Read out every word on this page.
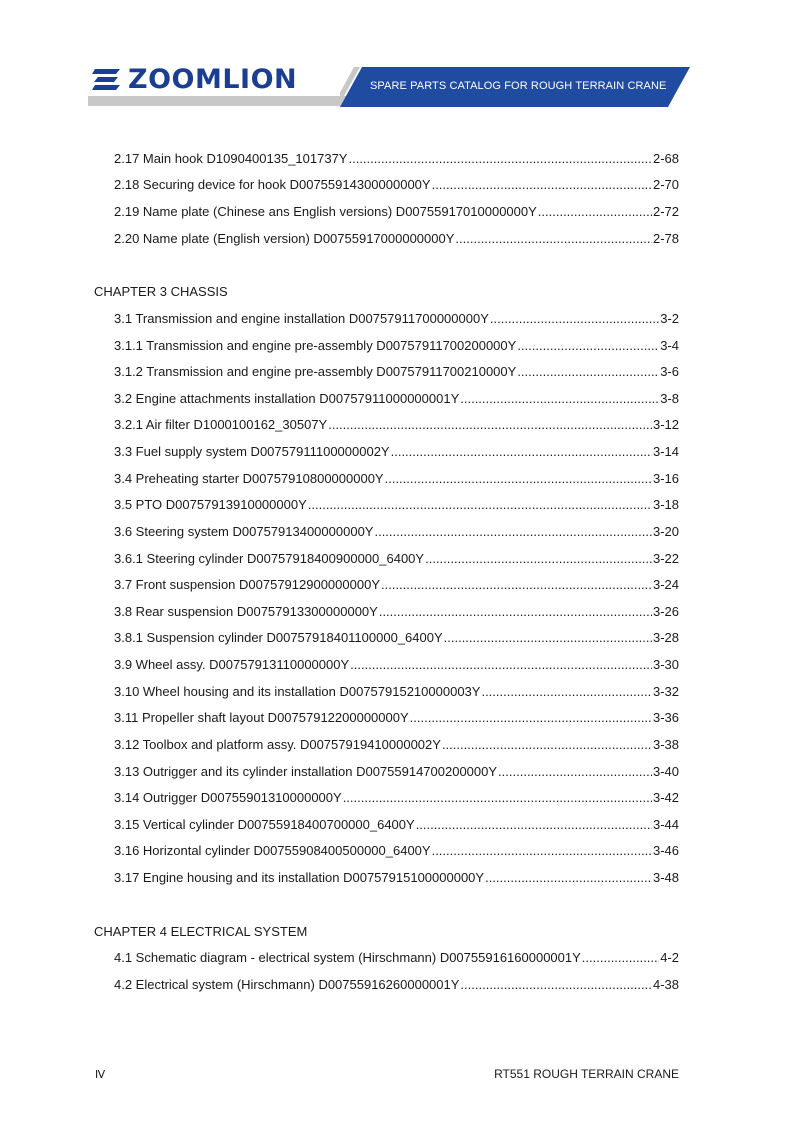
ZOOMLION	SPARE PARTS CATALOG FOR ROUGH TERRAIN CRANE
2.17 Main hook D1090400135_101737Y .....	2-68
2.18 Securing device for hook D00755914300000000Y .....	2-70
2.19 Name plate (Chinese ans English versions) D00755917010000000Y .....	2-72
2.20 Name plate (English version) D00755917000000000Y .....	2-78
CHAPTER 3 CHASSIS
3.1 Transmission and engine installation D00757911700000000Y .....	3-2
3.1.1 Transmission and engine pre-assembly D00757911700200000Y .....	3-4
3.1.2 Transmission and engine pre-assembly D00757911700210000Y .....	3-6
3.2 Engine attachments installation D00757911000000001Y .....	3-8
3.2.1 Air filter D1000100162_30507Y .....	3-12
3.3 Fuel supply system D00757911100000002Y .....	3-14
3.4 Preheating starter D00757910800000000Y .....	3-16
3.5 PTO D00757913910000000Y .....	3-18
3.6 Steering system D00757913400000000Y .....	3-20
3.6.1 Steering cylinder D00757918400900000_6400Y .....	3-22
3.7 Front suspension D00757912900000000Y .....	3-24
3.8 Rear suspension D00757913300000000Y .....	3-26
3.8.1 Suspension cylinder D00757918401100000_6400Y .....	3-28
3.9 Wheel assy. D00757913110000000Y .....	3-30
3.10 Wheel housing and its installation D00757915210000003Y .....	3-32
3.11 Propeller shaft layout D00757912200000000Y .....	3-36
3.12 Toolbox and platform assy. D00757919410000002Y .....	3-38
3.13 Outrigger and its cylinder installation D00755914700200000Y .....	3-40
3.14 Outrigger D00755901310000000Y .....	3-42
3.15 Vertical cylinder D00755918400700000_6400Y .....	3-44
3.16 Horizontal cylinder D00755908400500000_6400Y .....	3-46
3.17 Engine housing and its installation D00757915100000000Y .....	3-48
CHAPTER 4 ELECTRICAL SYSTEM
4.1 Schematic diagram - electrical system (Hirschmann) D00755916160000001Y .....	4-2
4.2 Electrical system (Hirschmann) D00755916260000001Y .....	4-38
Ⅳ	RT551 ROUGH TERRAIN CRANE
